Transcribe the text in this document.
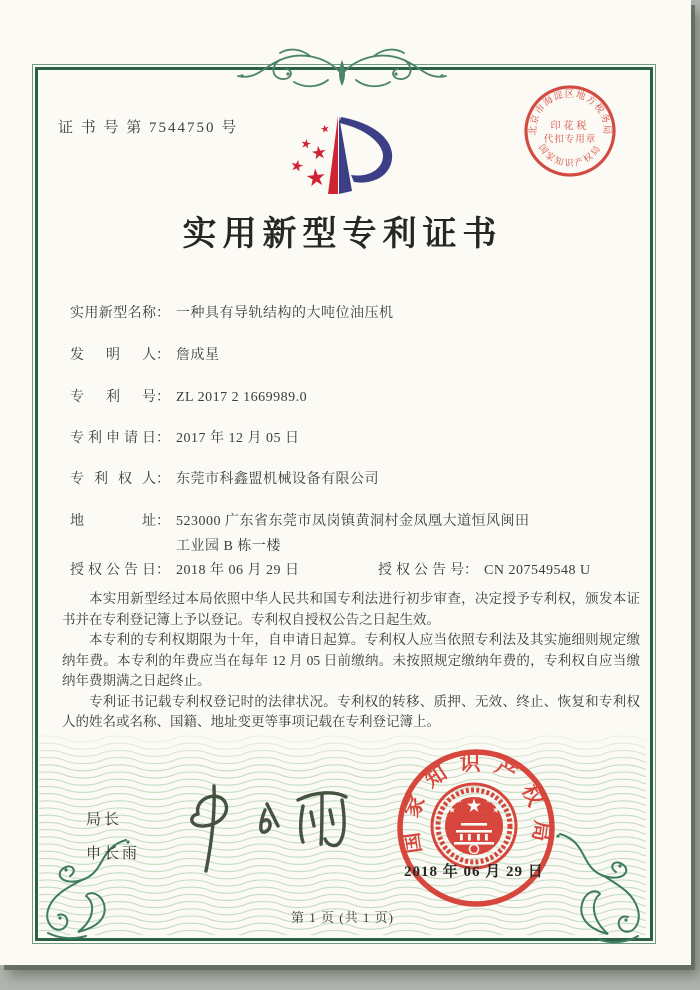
证 书 号 第 7544750 号	北京市海淀区地方税务局
国家知识产权局
印花税
代扣专用章
实用新型专利证书
实用新型名称： 一种具有导轨结构的大吨位油压机
发明人： 詹成星
专利号： ZL 2017 2 1669989.0
专利申请日： 2017 年 12 月 05 日
专利权人： 东莞市科鑫盟机械设备有限公司
地址： 523000 广东省东莞市凤岗镇黄洞村金凤凰大道恒风闽田
工业园 B 栋一楼
授权公告日： 2018 年 06 月 29 日	授权公告号： CN 207549548 U

本实用新型经过本局依照中华人民共和国专利法进行初步审查，决定授予专利权，颁发本证书并在专利登记簿上予以登记。专利权自授权公告之日起生效。

本专利的专利权期限为十年，自申请日起算。专利权人应当依照专利法及其实施细则规定缴纳年费。本专利的年费应当在每年 12 月 05 日前缴纳。未按照规定缴纳年费的，专利权自应当缴纳年费期满之日起终止。

专利证书记载专利权登记时的法律状况。专利权的转移、质押、无效、终止、恢复和专利权人的姓名或名称、国籍、地址变更等事项记载在专利登记簿上。

局长
申长雨	国家知识产权局
2018 年 06 月 29 日
第 1 页 (共 1 页)
